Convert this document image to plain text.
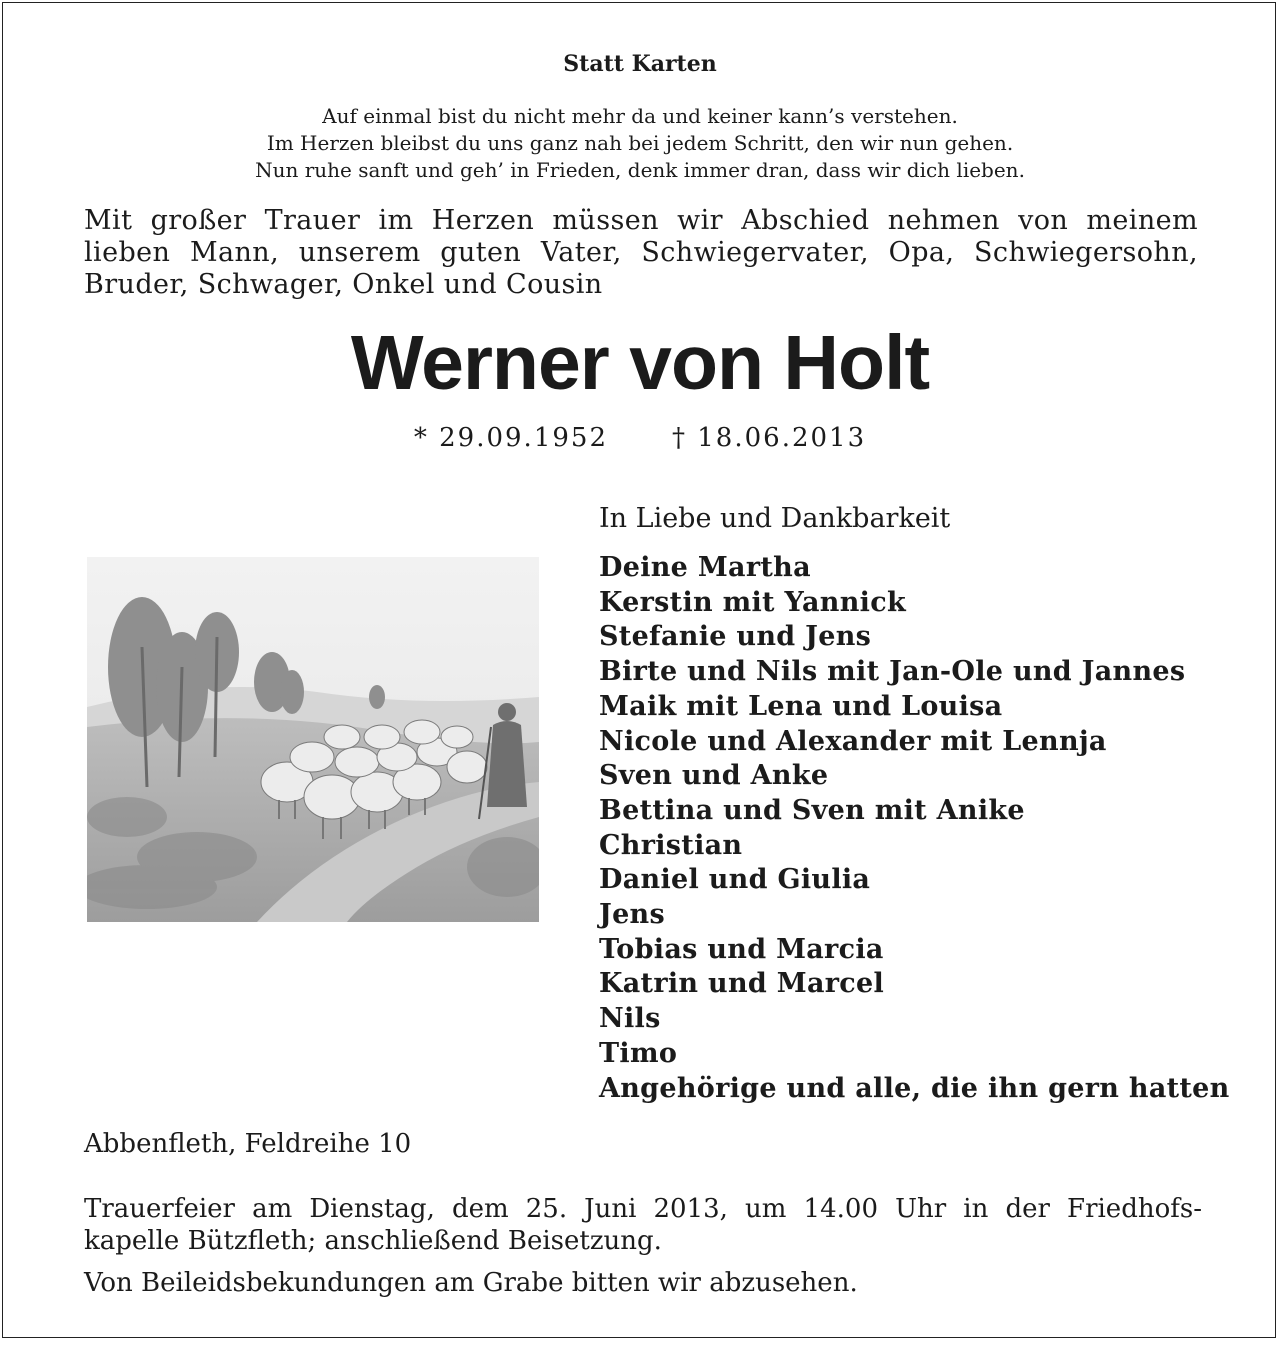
Statt Karten
Auf einmal bist du nicht mehr da und keiner kann’s verstehen.
Im Herzen bleibst du uns ganz nah bei jedem Schritt, den wir nun gehen.
Nun ruhe sanft und geh’ in Frieden, denk immer dran, dass wir dich lieben.
Mit großer Trauer im Herzen müssen wir Abschied nehmen von meinem
lieben Mann, unserem guten Vater, Schwiegervater, Opa, Schwiegersohn,
Bruder, Schwager, Onkel und Cousin
Werner von Holt
* 29.09.1952 † 18.06.2013
In Liebe und Dankbarkeit
Deine Martha
Kerstin mit Yannick
Stefanie und Jens
Birte und Nils mit Jan-Ole und Jannes
Maik mit Lena und Louisa
Nicole und Alexander mit Lennja
Sven und Anke
Bettina und Sven mit Anike
Christian
Daniel und Giulia
Jens
Tobias und Marcia
Katrin und Marcel
Nils
Timo
Angehörige und alle, die ihn gern hatten
Abbenfleth, Feldreihe 10
Trauerfeier am Dienstag, dem 25. Juni 2013, um 14.00 Uhr in der Friedhofs-
kapelle Bützfleth; anschließend Beisetzung.
Von Beileidsbekundungen am Grabe bitten wir abzusehen.
